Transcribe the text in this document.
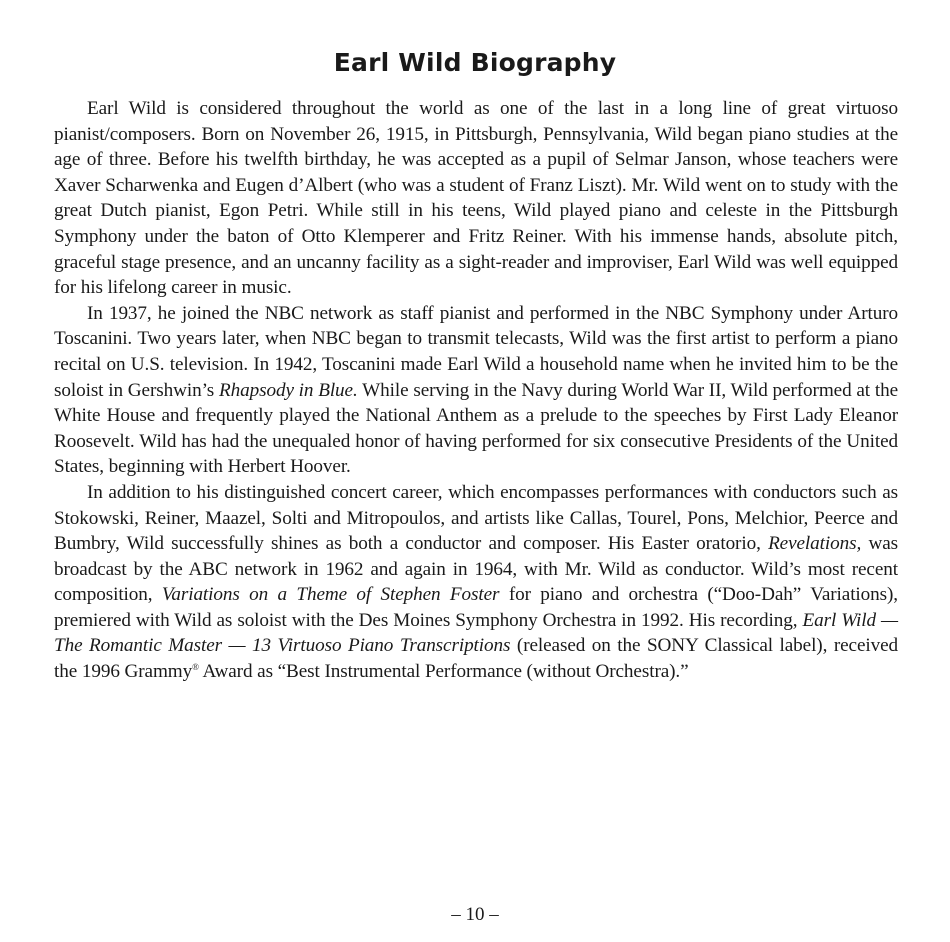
Earl Wild Biography

Earl Wild is considered throughout the world as one of the last in a long line of great virtuoso pianist/composers. Born on November 26, 1915, in Pittsburgh, Pennsylvania, Wild began piano studies at the age of three. Before his twelfth birthday, he was accepted as a pupil of Selmar Janson, whose teachers were Xaver Scharwenka and Eugen d’Albert (who was a student of Franz Liszt). Mr. Wild went on to study with the great Dutch pianist, Egon Petri. While still in his teens, Wild played piano and celeste in the Pittsburgh Symphony under the baton of Otto Klemperer and Fritz Reiner. With his immense hands, absolute pitch, graceful stage presence, and an uncanny facility as a sight-reader and improviser, Earl Wild was well equipped for his lifelong career in music.

In 1937, he joined the NBC network as staff pianist and performed in the NBC Symphony under Arturo Toscanini. Two years later, when NBC began to transmit telecasts, Wild was the first artist to perform a piano recital on U.S. television. In 1942, Toscanini made Earl Wild a household name when he invited him to be the soloist in Gershwin’s Rhapsody in Blue. While serving in the Navy during World War II, Wild performed at the White House and frequently played the National Anthem as a prelude to the speeches by First Lady Eleanor Roosevelt. Wild has had the unequaled honor of having performed for six consecutive Presidents of the United States, beginning with Herbert Hoover.

In addition to his distinguished concert career, which encompasses performances with conductors such as Stokowski, Reiner, Maazel, Solti and Mitropoulos, and artists like Callas, Tourel, Pons, Melchior, Peerce and Bumbry, Wild successfully shines as both a conductor and composer. His Easter oratorio, Revelations, was broadcast by the ABC network in 1962 and again in 1964, with Mr. Wild as conductor. Wild’s most recent composition, Variations on a Theme of Stephen Foster for piano and orchestra (“Doo-Dah” Variations), premiered with Wild as soloist with the Des Moines Symphony Orchestra in 1992. His recording, Earl Wild — The Romantic Master — 13 Virtuoso Piano Transcriptions (released on the SONY Classical label), received the 1996 Grammy® Award as “Best Instrumental Performance (without Orchestra).”

– 10 –
